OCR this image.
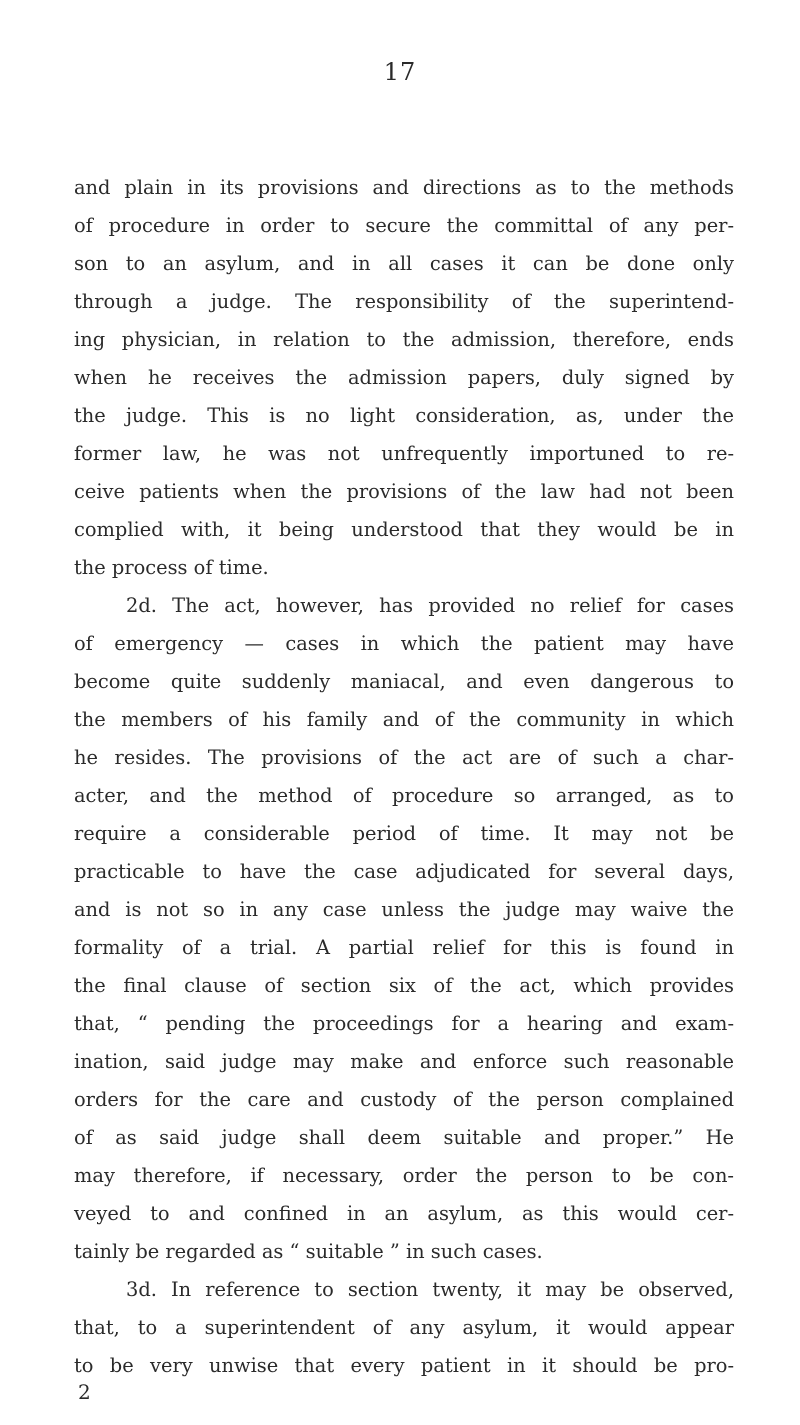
17
and plain in its provisions and directions as to the methods
of procedure in order to secure the committal of any per-
son to an asylum, and in all cases it can be done only
through a judge. The responsibility of the superintend-
ing physician, in relation to the admission, therefore, ends
when he receives the admission papers, duly signed by
the judge. This is no light consideration, as, under the
former law, he was not unfrequently importuned to re-
ceive patients when the provisions of the law had not been
complied with, it being understood that they would be in
the process of time.
2d. The act, however, has provided no relief for cases
of emergency — cases in which the patient may have
become quite suddenly maniacal, and even dangerous to
the members of his family and of the community in which
he resides. The provisions of the act are of such a char-
acter, and the method of procedure so arranged, as to
require a considerable period of time. It may not be
practicable to have the case adjudicated for several days,
and is not so in any case unless the judge may waive the
formality of a trial. A partial relief for this is found in
the final clause of section six of the act, which provides
that, “ pending the proceedings for a hearing and exam-
ination, said judge may make and enforce such reasonable
orders for the care and custody of the person complained
of as said judge shall deem suitable and proper.” He
may therefore, if necessary, order the person to be con-
veyed to and confined in an asylum, as this would cer-
tainly be regarded as “ suitable ” in such cases.
3d. In reference to section twenty, it may be observed,
that, to a superintendent of any asylum, it would appear
to be very unwise that every patient in it should be pro-
2
